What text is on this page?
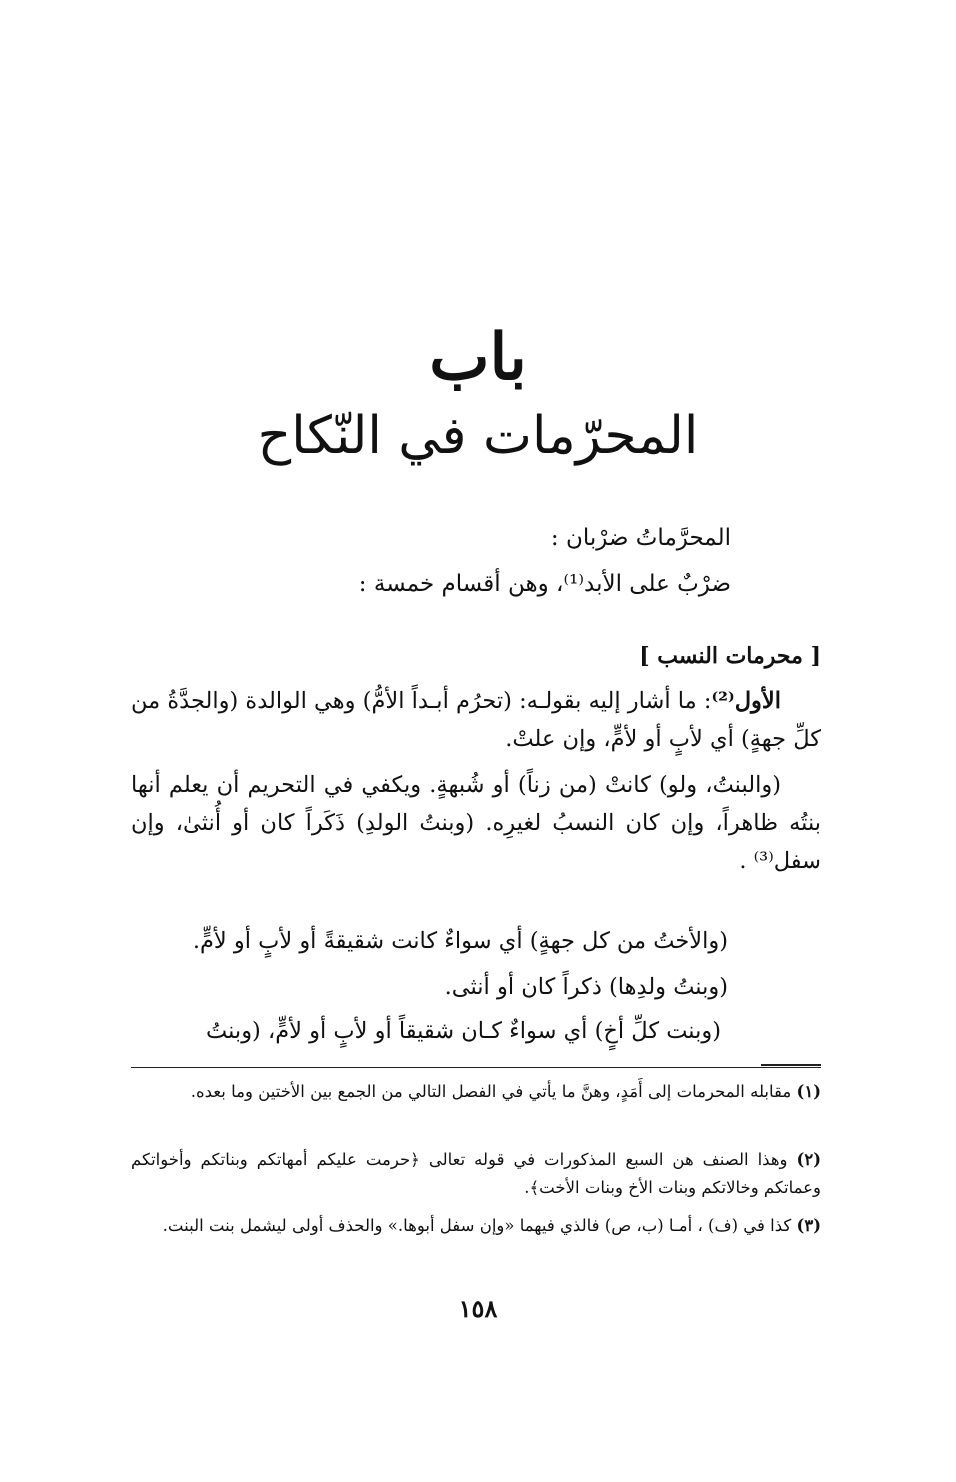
باب
المحرّمات في النّكاح
المحرَّماتُ ضرْبان :
ضرْبٌ على الأبد⁽¹⁾، وهن أقسام خمسة :
[ محرمات النسب ]
الأول⁽²⁾: ما أشار إليه بقولـه: (تحرُم أبـداً الأمُّ) وهي الوالدة (والجدَّةُ من كلِّ جهةٍ) أي لأبٍ أو لأمٍّ، وإن علتْ.
(والبنتُ، ولو) كانتْ (من زناً) أو شُبهةٍ. ويكفي في التحريم أن يعلم أنها بنتُه ظاهراً، وإن كان النسبُ لغيرِه. (وبنتُ الولدِ) ذَكَراً كان أو أُنثىٰ، وإن سفل⁽³⁾ .
(والأختُ من كل جهةٍ) أي سواءٌ كانت شقيقةً أو لأبٍ أو لأمٍّ.
(وبنتُ ولدِها) ذكراً كان أو أنثى.
(وبنت كلِّ أخٍ) أي سواءٌ كـان شقيقاً أو لأبٍ أو لأمٍّ، (وبنتُ
(١) مقابله المحرمات إلى أَمَدٍ، وهنَّ ما يأتي في الفصل التالي من الجمع بين الأختين وما بعده.
(٢) وهذا الصنف هن السبع المذكورات في قوله تعالى ﴿حرمت عليكم أمهاتكم وبناتكم وأخواتكم وعماتكم وخالاتكم وبنات الأخ وبنات الأخت﴾.
(٣) كذا في (ف) ، أمـا (ب، ص) فالذي فيهما «وإن سفل أبوها.» والحذف أولى ليشمل بنت البنت.
١٥٨
